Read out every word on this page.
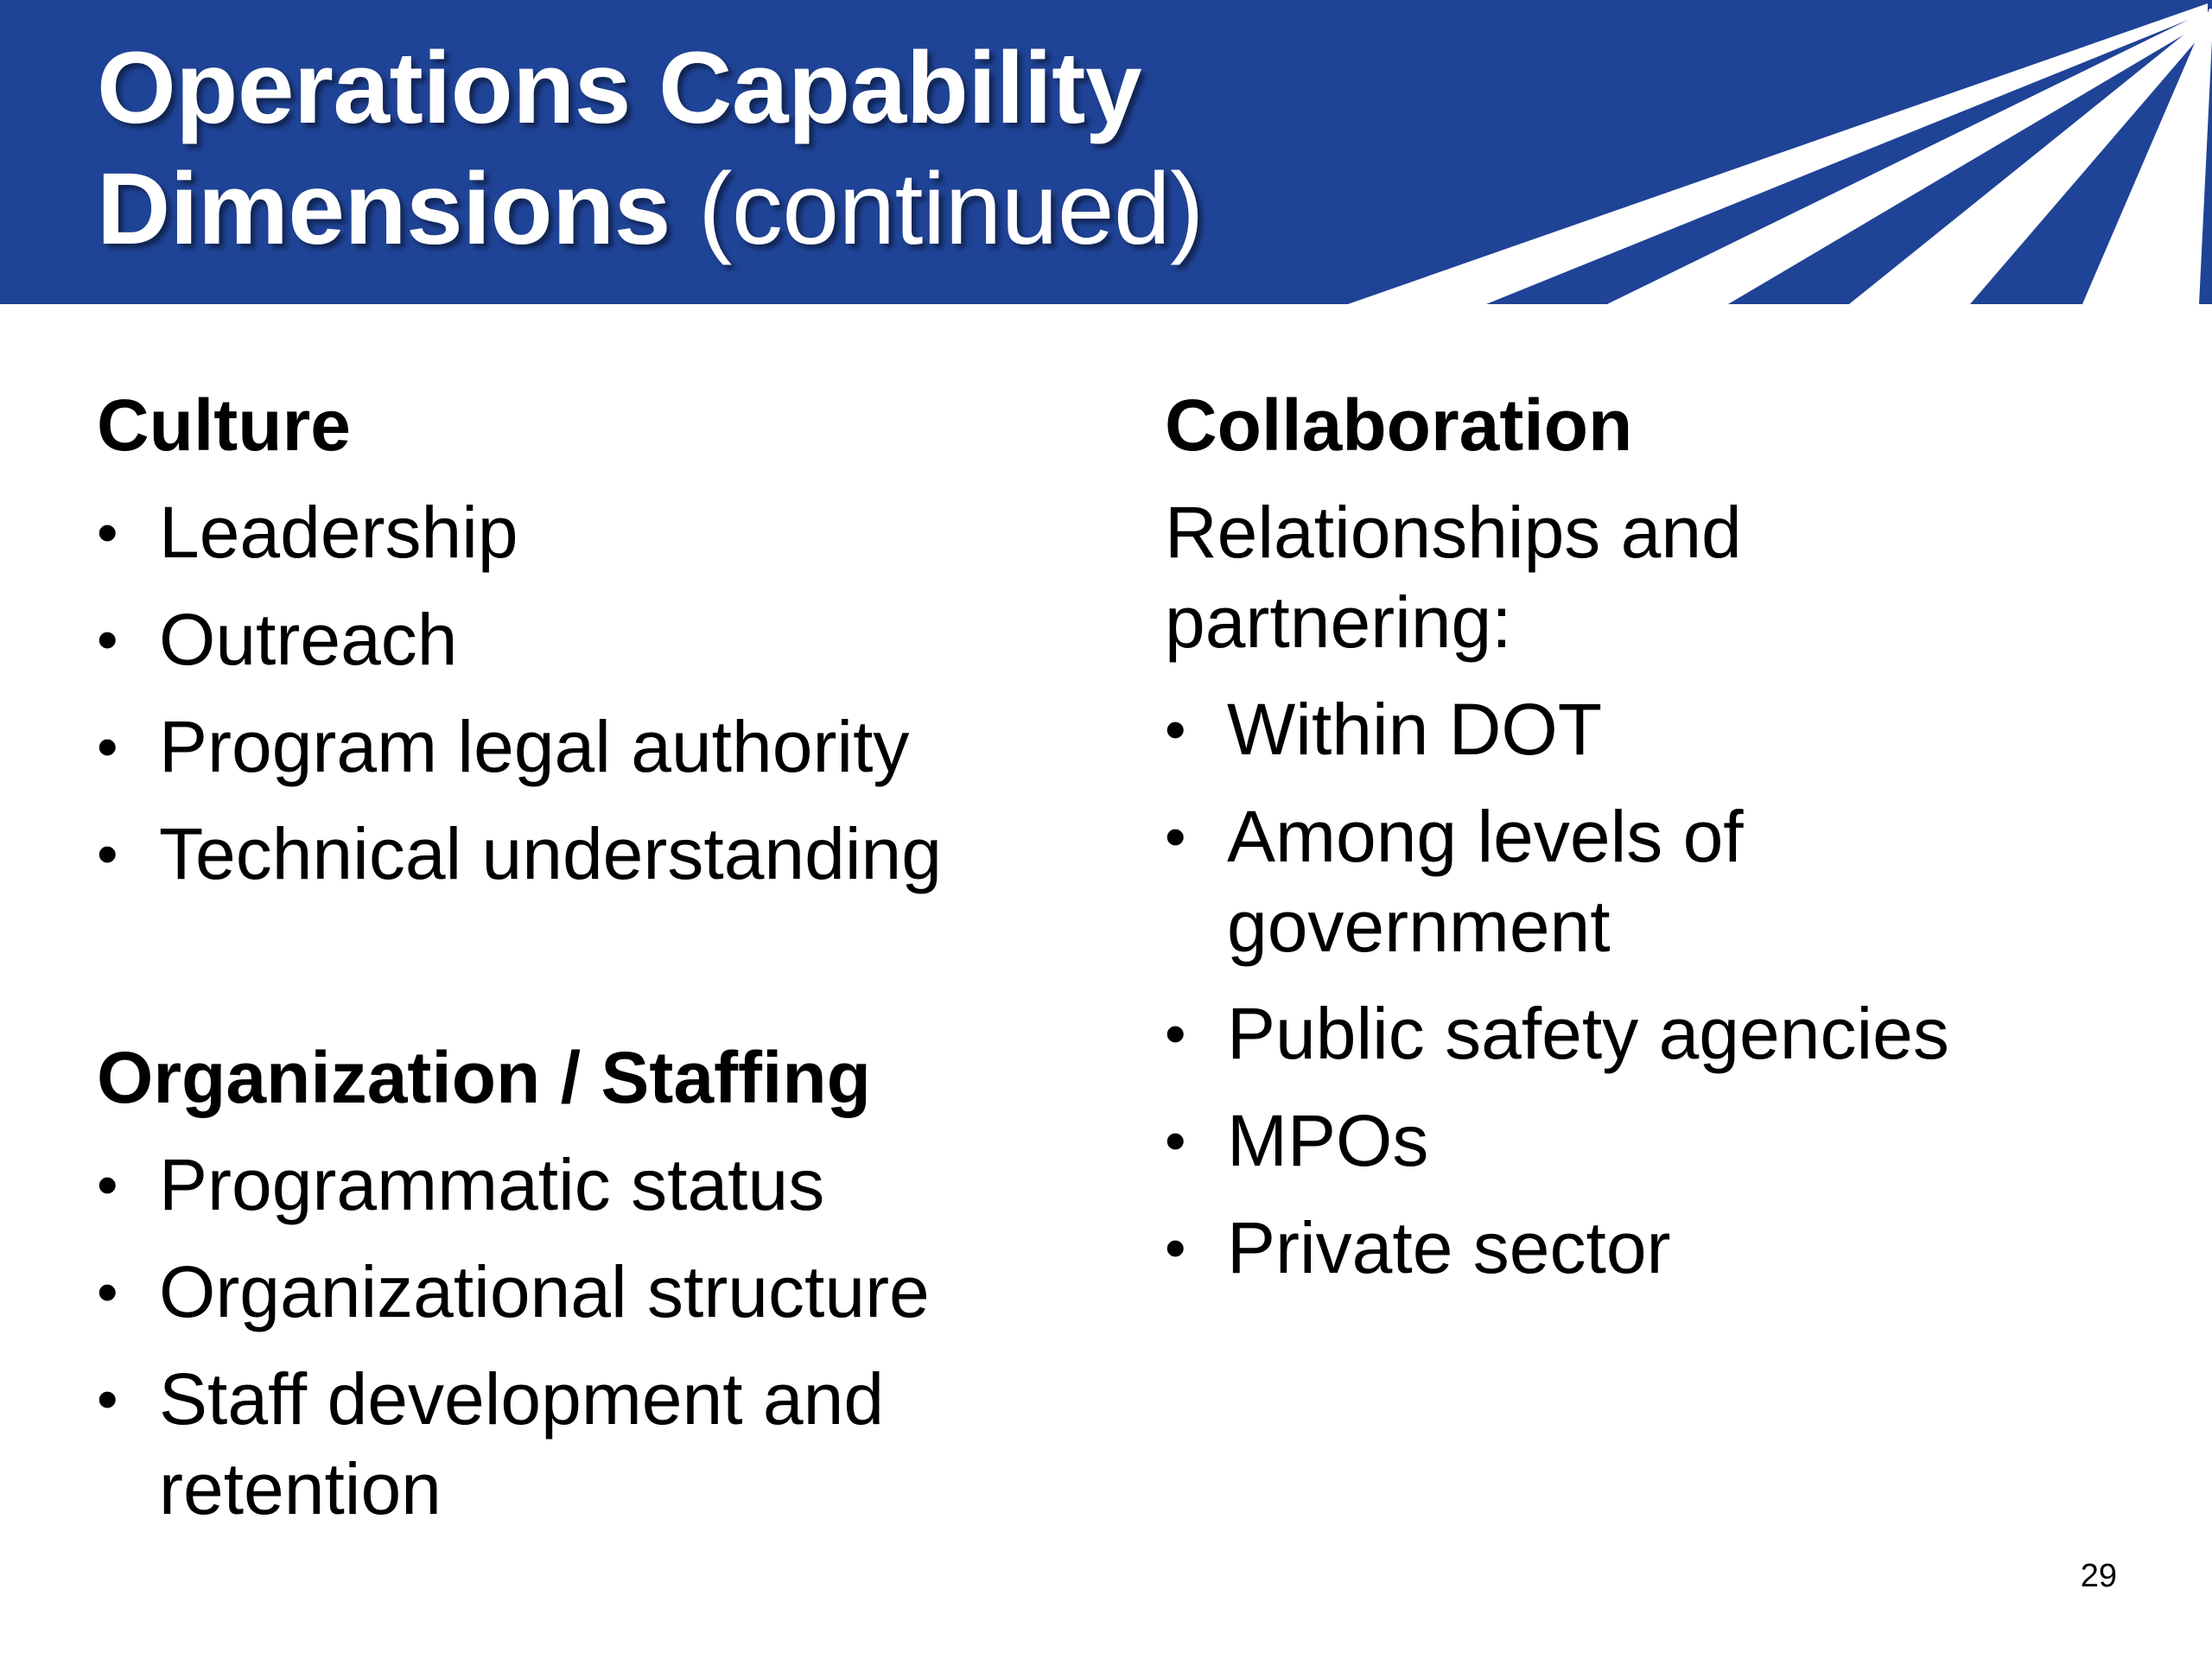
Operations Capability
Dimensions (continued)
Culture
• Leadership
• Outreach
• Program legal authority
• Technical understanding
Organization / Staffing
• Programmatic status
• Organizational structure
• Staff development and retention
Collaboration
Relationships and partnering:
• Within DOT
• Among levels of government
• Public safety agencies
• MPOs
• Private sector
29
